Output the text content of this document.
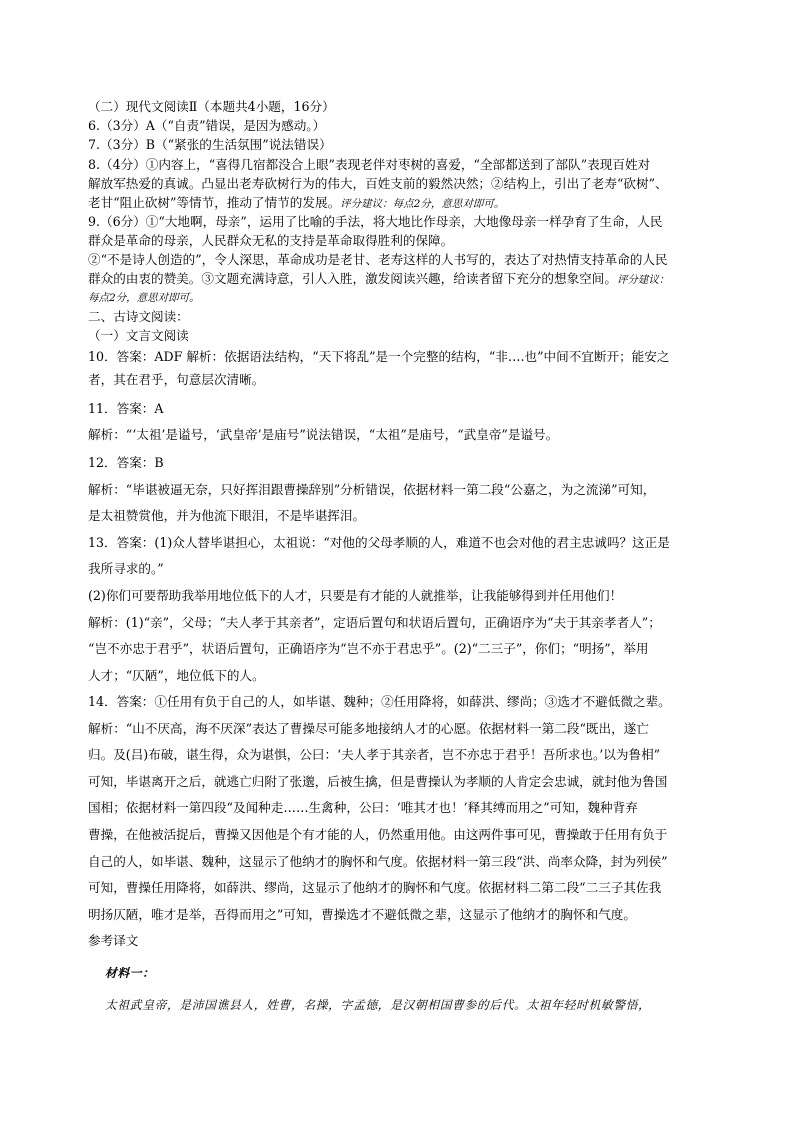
（二）现代文阅读Ⅱ（本题共4小题，16分）
6.（3分）A（“自责”错误，是因为感动。）
7.（3分）B（“紧张的生活氛围”说法错误）
8.（4分）①内容上，“喜得几宿都没合上眼”表现老伴对枣树的喜爱，“全部都送到了部队”表现百姓对
解放军热爱的真诚。凸显出老寿砍树行为的伟大，百姓支前的毅然决然；②结构上，引出了老寿“砍树”、
老甘“阻止砍树”等情节，推动了情节的发展。评分建议：每点2分，意思对即可。
9.（6分）①“大地啊，母亲”，运用了比喻的手法，将大地比作母亲，大地像母亲一样孕育了生命，人民
群众是革命的母亲，人民群众无私的支持是革命取得胜利的保障。
②“不是诗人创造的”，令人深思，革命成功是老甘、老寿这样的人书写的，表达了对热情支持革命的人民
群众的由衷的赞美。③文题充满诗意，引人入胜，激发阅读兴趣，给读者留下充分的想象空间。评分建议：
每点2分，意思对即可。
二、古诗文阅读：
（一）文言文阅读
10．答案：ADF 解析：依据语法结构，“天下将乱”是一个完整的结构，“非….也”中间不宜断开；能安之
者，其在君乎，句意层次清晰。
11．答案：A
解析：“‘太祖’是谥号，‘武皇帝’是庙号”说法错误，“太祖”是庙号，“武皇帝”是谥号。
12．答案：B
解析：“毕谌被逼无奈，只好挥泪跟曹操辞别”分析错误，依据材料一第二段“公嘉之，为之流涕”可知，
是太祖赞赏他，并为他流下眼泪，不是毕谌挥泪。
13．答案：(1)众人替毕谌担心，太祖说：“对他的父母孝顺的人，难道不也会对他的君主忠诚吗？这正是
我所寻求的。”
(2)你们可要帮助我举用地位低下的人才，只要是有才能的人就推举，让我能够得到并任用他们！
解析：(1)“亲”，父母；“夫人孝于其亲者”，定语后置句和状语后置句，正确语序为“夫于其亲孝者人”；
“岂不亦忠于君乎”，状语后置句，正确语序为“岂不亦于君忠乎”。(2)“二三子”，你们；“明扬”，举用
人才；“仄陋”，地位低下的人。
14．答案：①任用有负于自己的人，如毕谌、魏种；②任用降将，如薛洪、缪尚；③选才不避低微之辈。
解析：“山不厌高，海不厌深”表达了曹操尽可能多地接纳人才的心愿。依据材料一第二段“既出，遂亡
归。及(吕)布破，谌生得，众为谌惧，公曰：‘夫人孝于其亲者，岂不亦忠于君乎！吾所求也。’以为鲁相”
可知，毕谌离开之后，就逃亡归附了张邈，后被生擒，但是曹操认为孝顺的人肯定会忠诚，就封他为鲁国
国相；依据材料一第四段“及闻种走……生禽种，公曰：‘唯其才也！’释其缚而用之”可知，魏种背弃
曹操，在他被活捉后，曹操又因他是个有才能的人，仍然重用他。由这两件事可见，曹操敢于任用有负于
自己的人，如毕谌、魏种，这显示了他纳才的胸怀和气度。依据材料一第三段“洪、尚率众降，封为列侯”
可知，曹操任用降将，如薛洪、缪尚，这显示了他纳才的胸怀和气度。依据材料二第二段“二三子其佐我
明扬仄陋，唯才是举，吾得而用之”可知，曹操选才不避低微之辈，这显示了他纳才的胸怀和气度。
参考译文
材料一：
太祖武皇帝，是沛国谯县人，姓曹，名操，字孟德，是汉朝相国曹参的后代。太祖年轻时机敏警悟，
